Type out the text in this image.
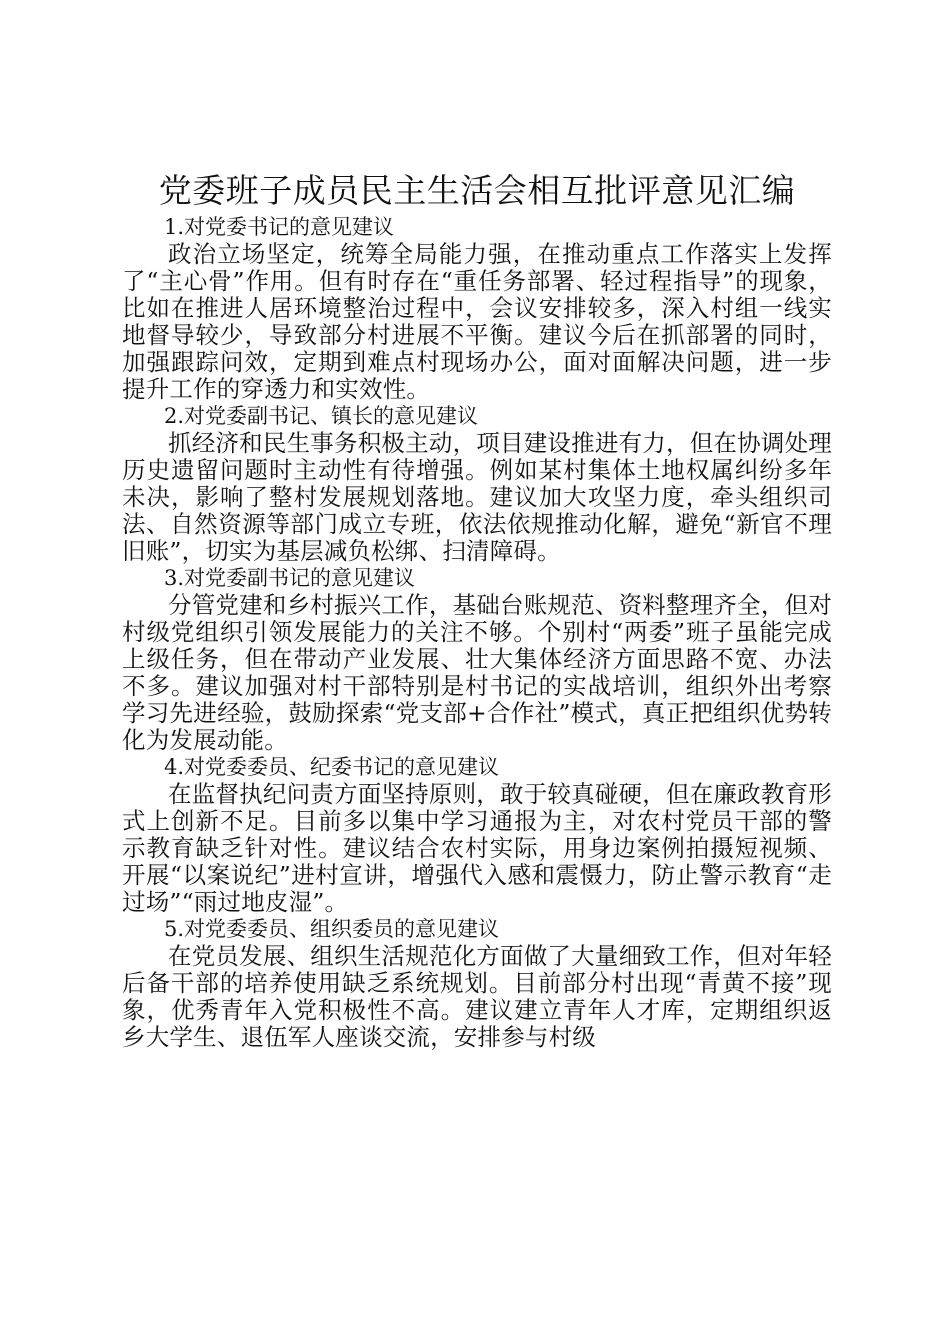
党委班子成员民主生活会相互批评意见汇编

1.对党委书记的意见建议

政治立场坚定，统筹全局能力强，在推动重点工作落实上发挥了“主心骨”作用。但有时存在“重任务部署、轻过程指导”的现象，比如在推进人居环境整治过程中，会议安排较多，深入村组一线实地督导较少，导致部分村进展不平衡。建议今后在抓部署的同时，加强跟踪问效，定期到难点村现场办公，面对面解决问题，进一步提升工作的穿透力和实效性。

2.对党委副书记、镇长的意见建议

抓经济和民生事务积极主动，项目建设推进有力，但在协调处理历史遗留问题时主动性有待增强。例如某村集体土地权属纠纷多年未决，影响了整村发展规划落地。建议加大攻坚力度，牵头组织司法、自然资源等部门成立专班，依法依规推动化解，避免“新官不理旧账”，切实为基层减负松绑、扫清障碍。

3.对党委副书记的意见建议

分管党建和乡村振兴工作，基础台账规范、资料整理齐全，但对村级党组织引领发展能力的关注不够。个别村“两委”班子虽能完成上级任务，但在带动产业发展、壮大集体经济方面思路不宽、办法不多。建议加强对村干部特别是村书记的实战培训，组织外出考察学习先进经验，鼓励探索“党支部+合作社”模式，真正把组织优势转化为发展动能。

4.对党委委员、纪委书记的意见建议

在监督执纪问责方面坚持原则，敢于较真碰硬，但在廉政教育形式上创新不足。目前多以集中学习通报为主，对农村党员干部的警示教育缺乏针对性。建议结合农村实际，用身边案例拍摄短视频、开展“以案说纪”进村宣讲，增强代入感和震慑力，防止警示教育“走过场”“雨过地皮湿”。

5.对党委委员、组织委员的意见建议

在党员发展、组织生活规范化方面做了大量细致工作，但对年轻后备干部的培养使用缺乏系统规划。目前部分村出现“青黄不接”现象，优秀青年入党积极性不高。建议建立青年人才库，定期组织返乡大学生、退伍军人座谈交流，安排参与村级
